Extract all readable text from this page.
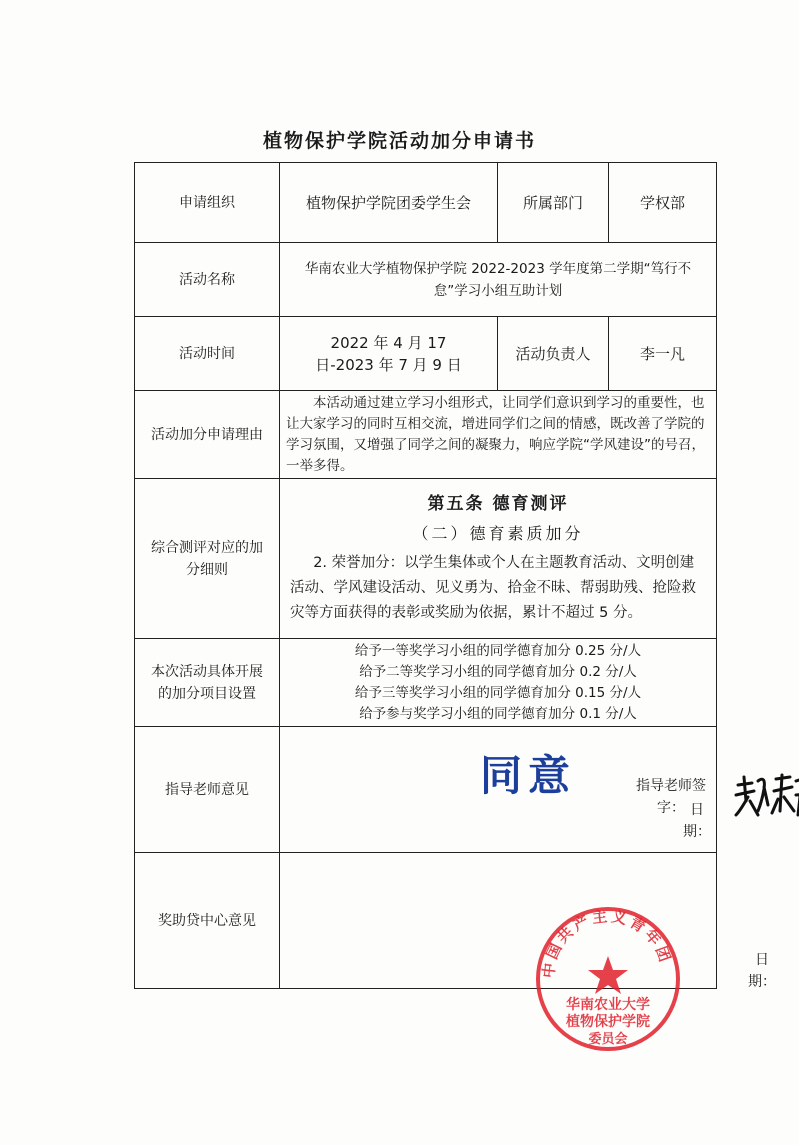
植物保护学院活动加分申请书
申请组织	植物保护学院团委学生会	所属部门	学权部
活动名称	华南农业大学植物保护学院 2022-2023 学年度第二学期“笃行不怠”学习小组互助计划		
活动时间	2022 年 4 月 17 日-2023 年 7 月 9 日	活动负责人	李一凡
活动加分申请理由	本活动通过建立学习小组形式，让同学们意识到学习的重要性，也让大家学习的同时互相交流，增进同学们之间的情感，既改善了学院的学习氛围，又增强了同学之间的凝聚力，响应学院“学风建设”的号召，一举多得。		
综合测评对应的加分细则	第五条 德育测评
（二）德育素质加分
2. 荣誉加分：以学生集体或个人在主题教育活动、文明创建活动、学风建设活动、见义勇为、拾金不昧、帮弱助残、抢险救灾等方面获得的表彰或奖励为依据，累计不超过 5 分。		

本次活动具体开展的加分项目设置	给予一等奖学习小组的同学德育加分 0.25 分/人
给予二等奖学习小组的同学德育加分 0.2 分/人
给予三等奖学习小组的同学德育加分 0.15 分/人
给予参与奖学习小组的同学德育加分 0.1 分/人		

指导老师意见	同意 指导老师签字： 日期：		

奖助贷中心意见	日期：		
中国共产主义青年团
华南农业大学
植物保护学院
委员会
